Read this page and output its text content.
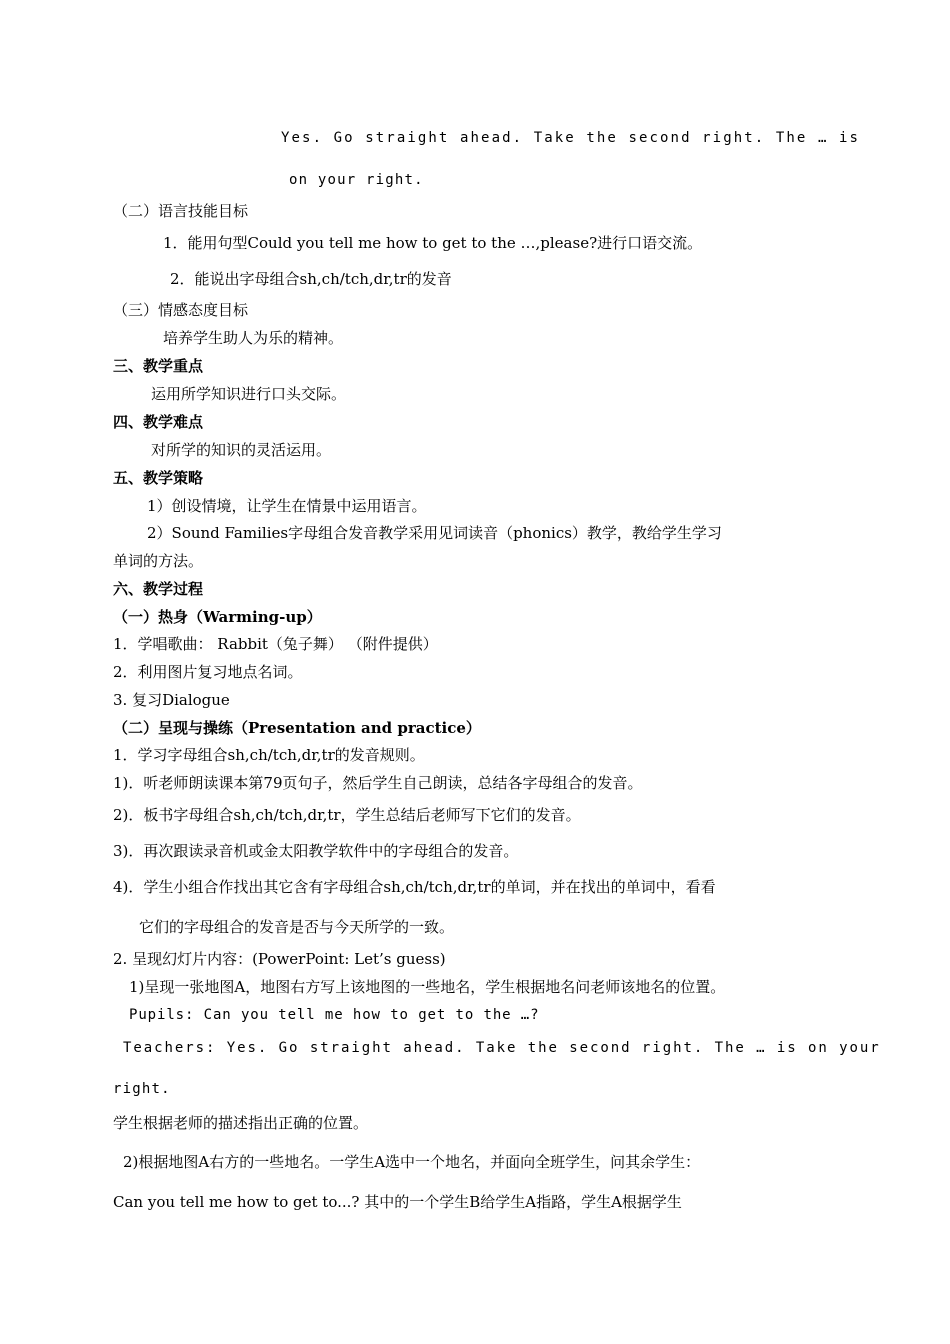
Yes. Go straight ahead. Take the second right. The … is
on your right.
（二）语言技能目标
1．能用句型Could you tell me how to get to the …,please?进行口语交流。
2．能说出字母组合sh,ch/tch,dr,tr的发音
（三）情感态度目标
培养学生助人为乐的精神。
三、教学重点
运用所学知识进行口头交际。
四、教学难点
对所学的知识的灵活运用。
五、教学策略
1）创设情境，让学生在情景中运用语言。
2）Sound Families字母组合发音教学采用见词读音（phonics）教学，教给学生学习
单词的方法。
六、教学过程
（一）热身（Warming-up）
1．学唱歌曲： Rabbit（兔子舞） （附件提供）
2．利用图片复习地点名词。
3. 复习Dialogue
（二）呈现与操练（Presentation and practice）
1．学习字母组合sh,ch/tch,dr,tr的发音规则。
1)．听老师朗读课本第79页句子，然后学生自己朗读，总结各字母组合的发音。
2)．板书字母组合sh,ch/tch,dr,tr，学生总结后老师写下它们的发音。
3)．再次跟读录音机或金太阳教学软件中的字母组合的发音。
4)．学生小组合作找出其它含有字母组合sh,ch/tch,dr,tr的单词，并在找出的单词中，看看
它们的字母组合的发音是否与今天所学的一致。
2. 呈现幻灯片内容：(PowerPoint: Let’s guess)
1)呈现一张地图A，地图右方写上该地图的一些地名，学生根据地名问老师该地名的位置。
Pupils: Can you tell me how to get to the …?
Teachers: Yes. Go straight ahead. Take the second right. The … is on your
right.
学生根据老师的描述指出正确的位置。
2)根据地图A右方的一些地名。一学生A选中一个地名，并面向全班学生，问其余学生：
Can you tell me how to get to...? 其中的一个学生B给学生A指路，学生A根据学生
